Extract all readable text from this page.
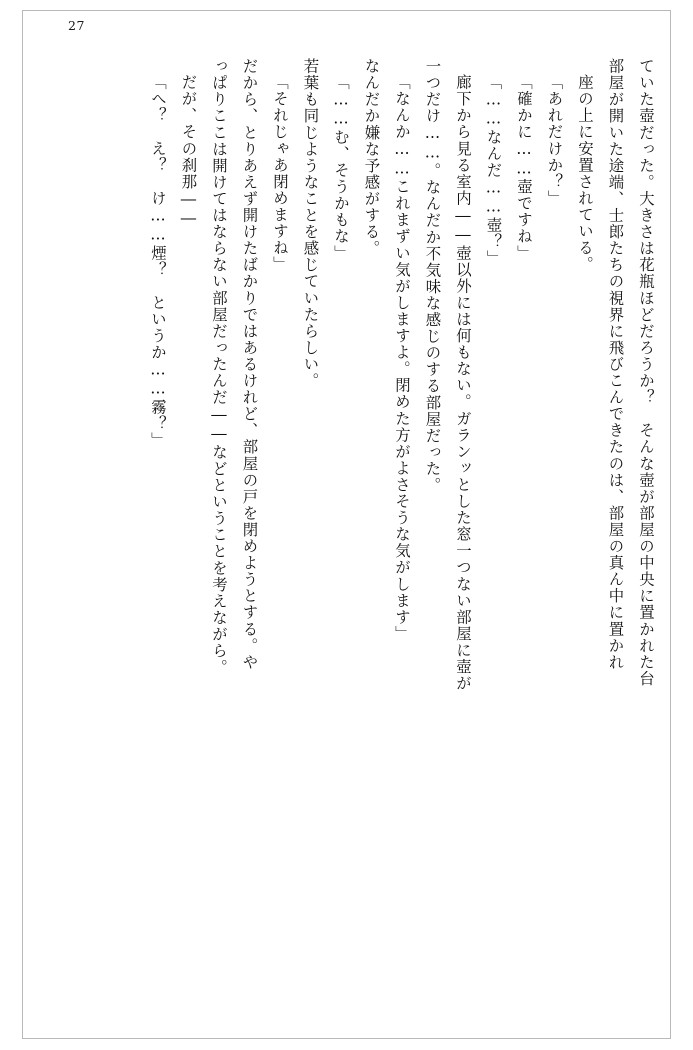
27
ていた壺だった。大きさは花瓶ほどだろうか？　そんな壺が部屋の中央に置かれた台
部屋が開いた途端、士郎たちの視界に飛びこんできたのは、部屋の真ん中に置かれ
座の上に安置されている。
「あれだけか？」
「確かに……壺ですね」
「……なんだ……壺？」
廊下から見る室内――壺以外には何もない。ガランッとした窓一つない部屋に壺が
一つだけ……。なんだか不気味な感じのする部屋だった。
「なんか……これまずい気がしますよ。閉めた方がよさそうな気がします」
なんだか嫌な予感がする。
「……む、そうかもな」
若葉も同じようなことを感じていたらしい。
「それじゃあ閉めますね」
だから、とりあえず開けたばかりではあるけれど、部屋の戸を閉めようとする。や
っぱりここは開けてはならない部屋だったんだ――などということを考えながら。
だが、その刹那――
「へ？　え？　け……煙？　というか……霧？」
